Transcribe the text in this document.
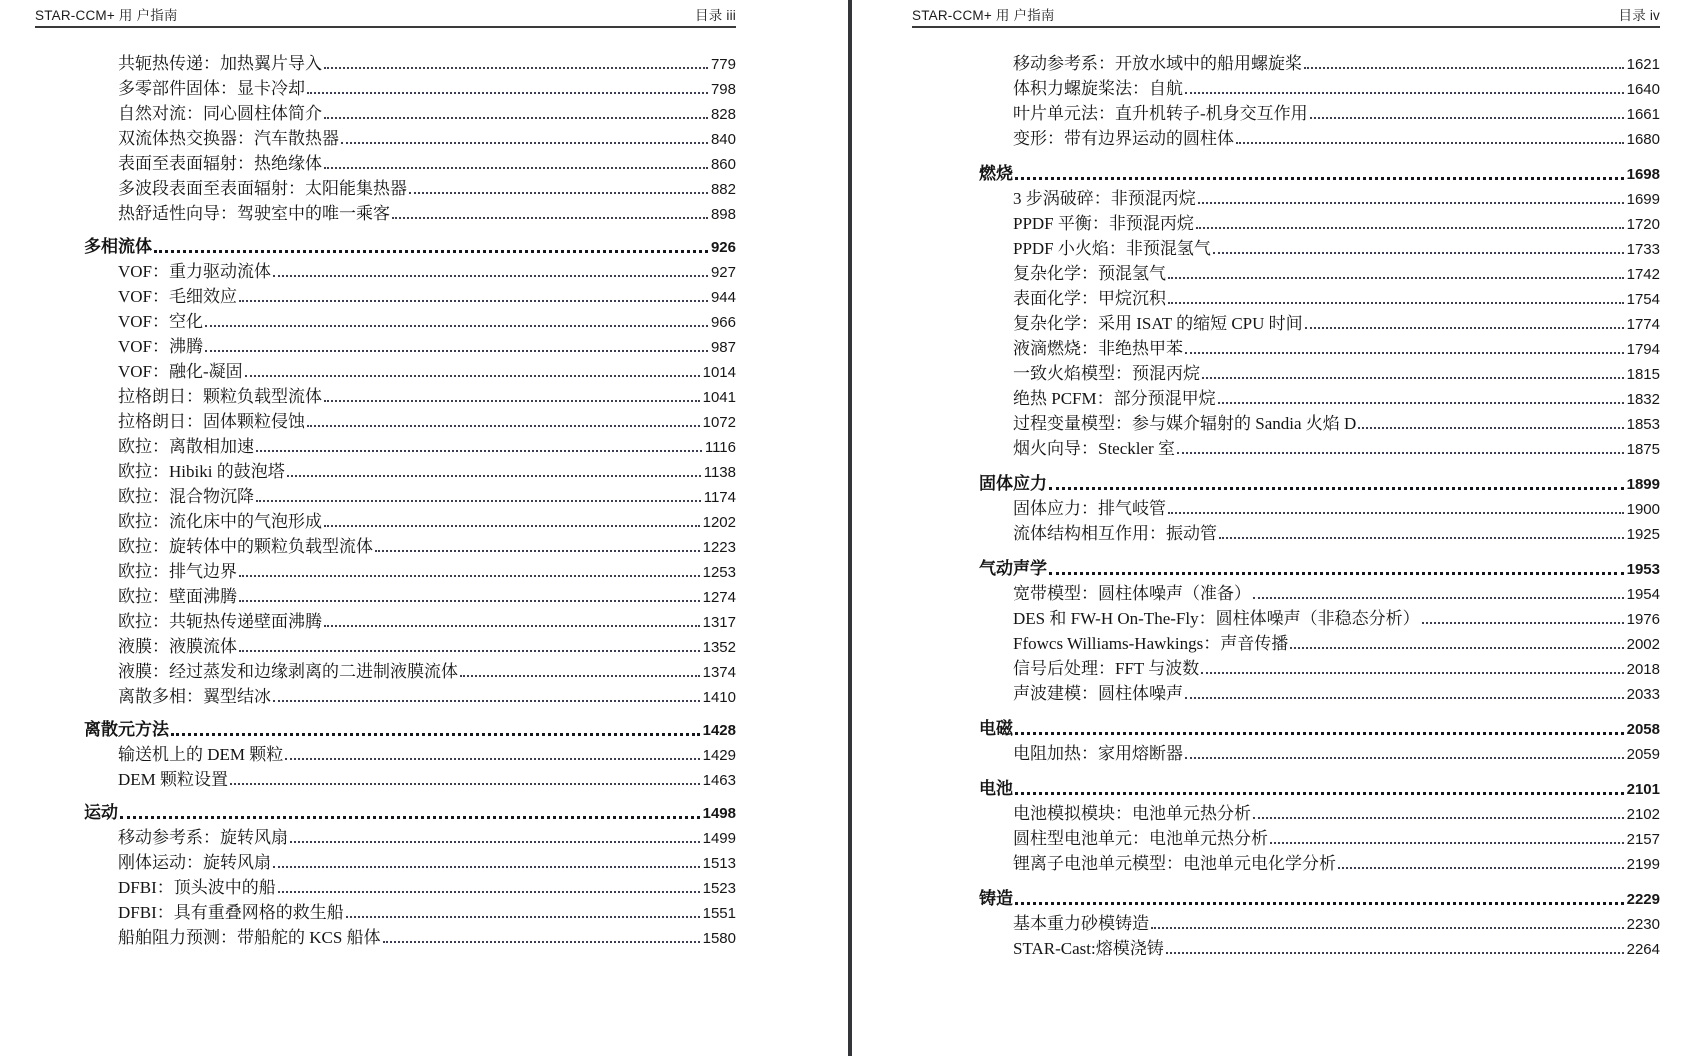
STAR-CCM+ 用 户指南	目录 iii
共轭热传递：加热翼片导入	779
多零部件固体：显卡冷却	798
自然对流：同心圆柱体简介	828
双流体热交换器：汽车散热器	840
表面至表面辐射：热绝缘体	860
多波段表面至表面辐射：太阳能集热器	882
热舒适性向导：驾驶室中的唯一乘客	898
多相流体	926
VOF：重力驱动流体	927
VOF：毛细效应	944
VOF：空化	966
VOF：沸腾	987
VOF：融化-凝固	1014
拉格朗日：颗粒负载型流体	1041
拉格朗日：固体颗粒侵蚀	1072
欧拉：离散相加速	1116
欧拉：Hibiki 的鼓泡塔	1138
欧拉：混合物沉降	1174
欧拉：流化床中的气泡形成	1202
欧拉：旋转体中的颗粒负载型流体	1223
欧拉：排气边界	1253
欧拉：壁面沸腾	1274
欧拉：共轭热传递壁面沸腾	1317
液膜：液膜流体	1352
液膜：经过蒸发和边缘剥离的二进制液膜流体	1374
离散多相：翼型结冰	1410
离散元方法	1428
输送机上的 DEM 颗粒	1429
DEM 颗粒设置	1463
运动	1498
移动参考系：旋转风扇	1499
刚体运动：旋转风扇	1513
DFBI：顶头波中的船	1523
DFBI：具有重叠网格的救生船	1551
船舶阻力预测：带船舵的 KCS 船体	1580
STAR-CCM+ 用 户指南	目录 iv
移动参考系：开放水域中的船用螺旋桨	1621
体积力螺旋桨法：自航	1640
叶片单元法：直升机转子-机身交互作用	1661
变形：带有边界运动的圆柱体	1680
燃烧	1698
3 步涡破碎：非预混丙烷	1699
PPDF 平衡：非预混丙烷	1720
PPDF 小火焰：非预混氢气	1733
复杂化学：预混氢气	1742
表面化学：甲烷沉积	1754
复杂化学：采用 ISAT 的缩短 CPU 时间	1774
液滴燃烧：非绝热甲苯	1794
一致火焰模型：预混丙烷	1815
绝热 PCFM：部分预混甲烷	1832
过程变量模型：参与媒介辐射的 Sandia 火焰 D	1853
烟火向导：Steckler 室	1875
固体应力	1899
固体应力：排气岐管	1900
流体结构相互作用：振动管	1925
气动声学	1953
宽带模型：圆柱体噪声（准备）	1954
DES 和 FW-H On-The-Fly：圆柱体噪声（非稳态分析）	1976
Ffowcs Williams-Hawkings：声音传播	2002
信号后处理：FFT 与波数	2018
声波建模：圆柱体噪声	2033
电磁	2058
电阻加热：家用熔断器	2059
电池	2101
电池模拟模块：电池单元热分析	2102
圆柱型电池单元：电池单元热分析	2157
锂离子电池单元模型：电池单元电化学分析	2199
铸造	2229
基本重力砂模铸造	2230
STAR-Cast:熔模浇铸	2264
